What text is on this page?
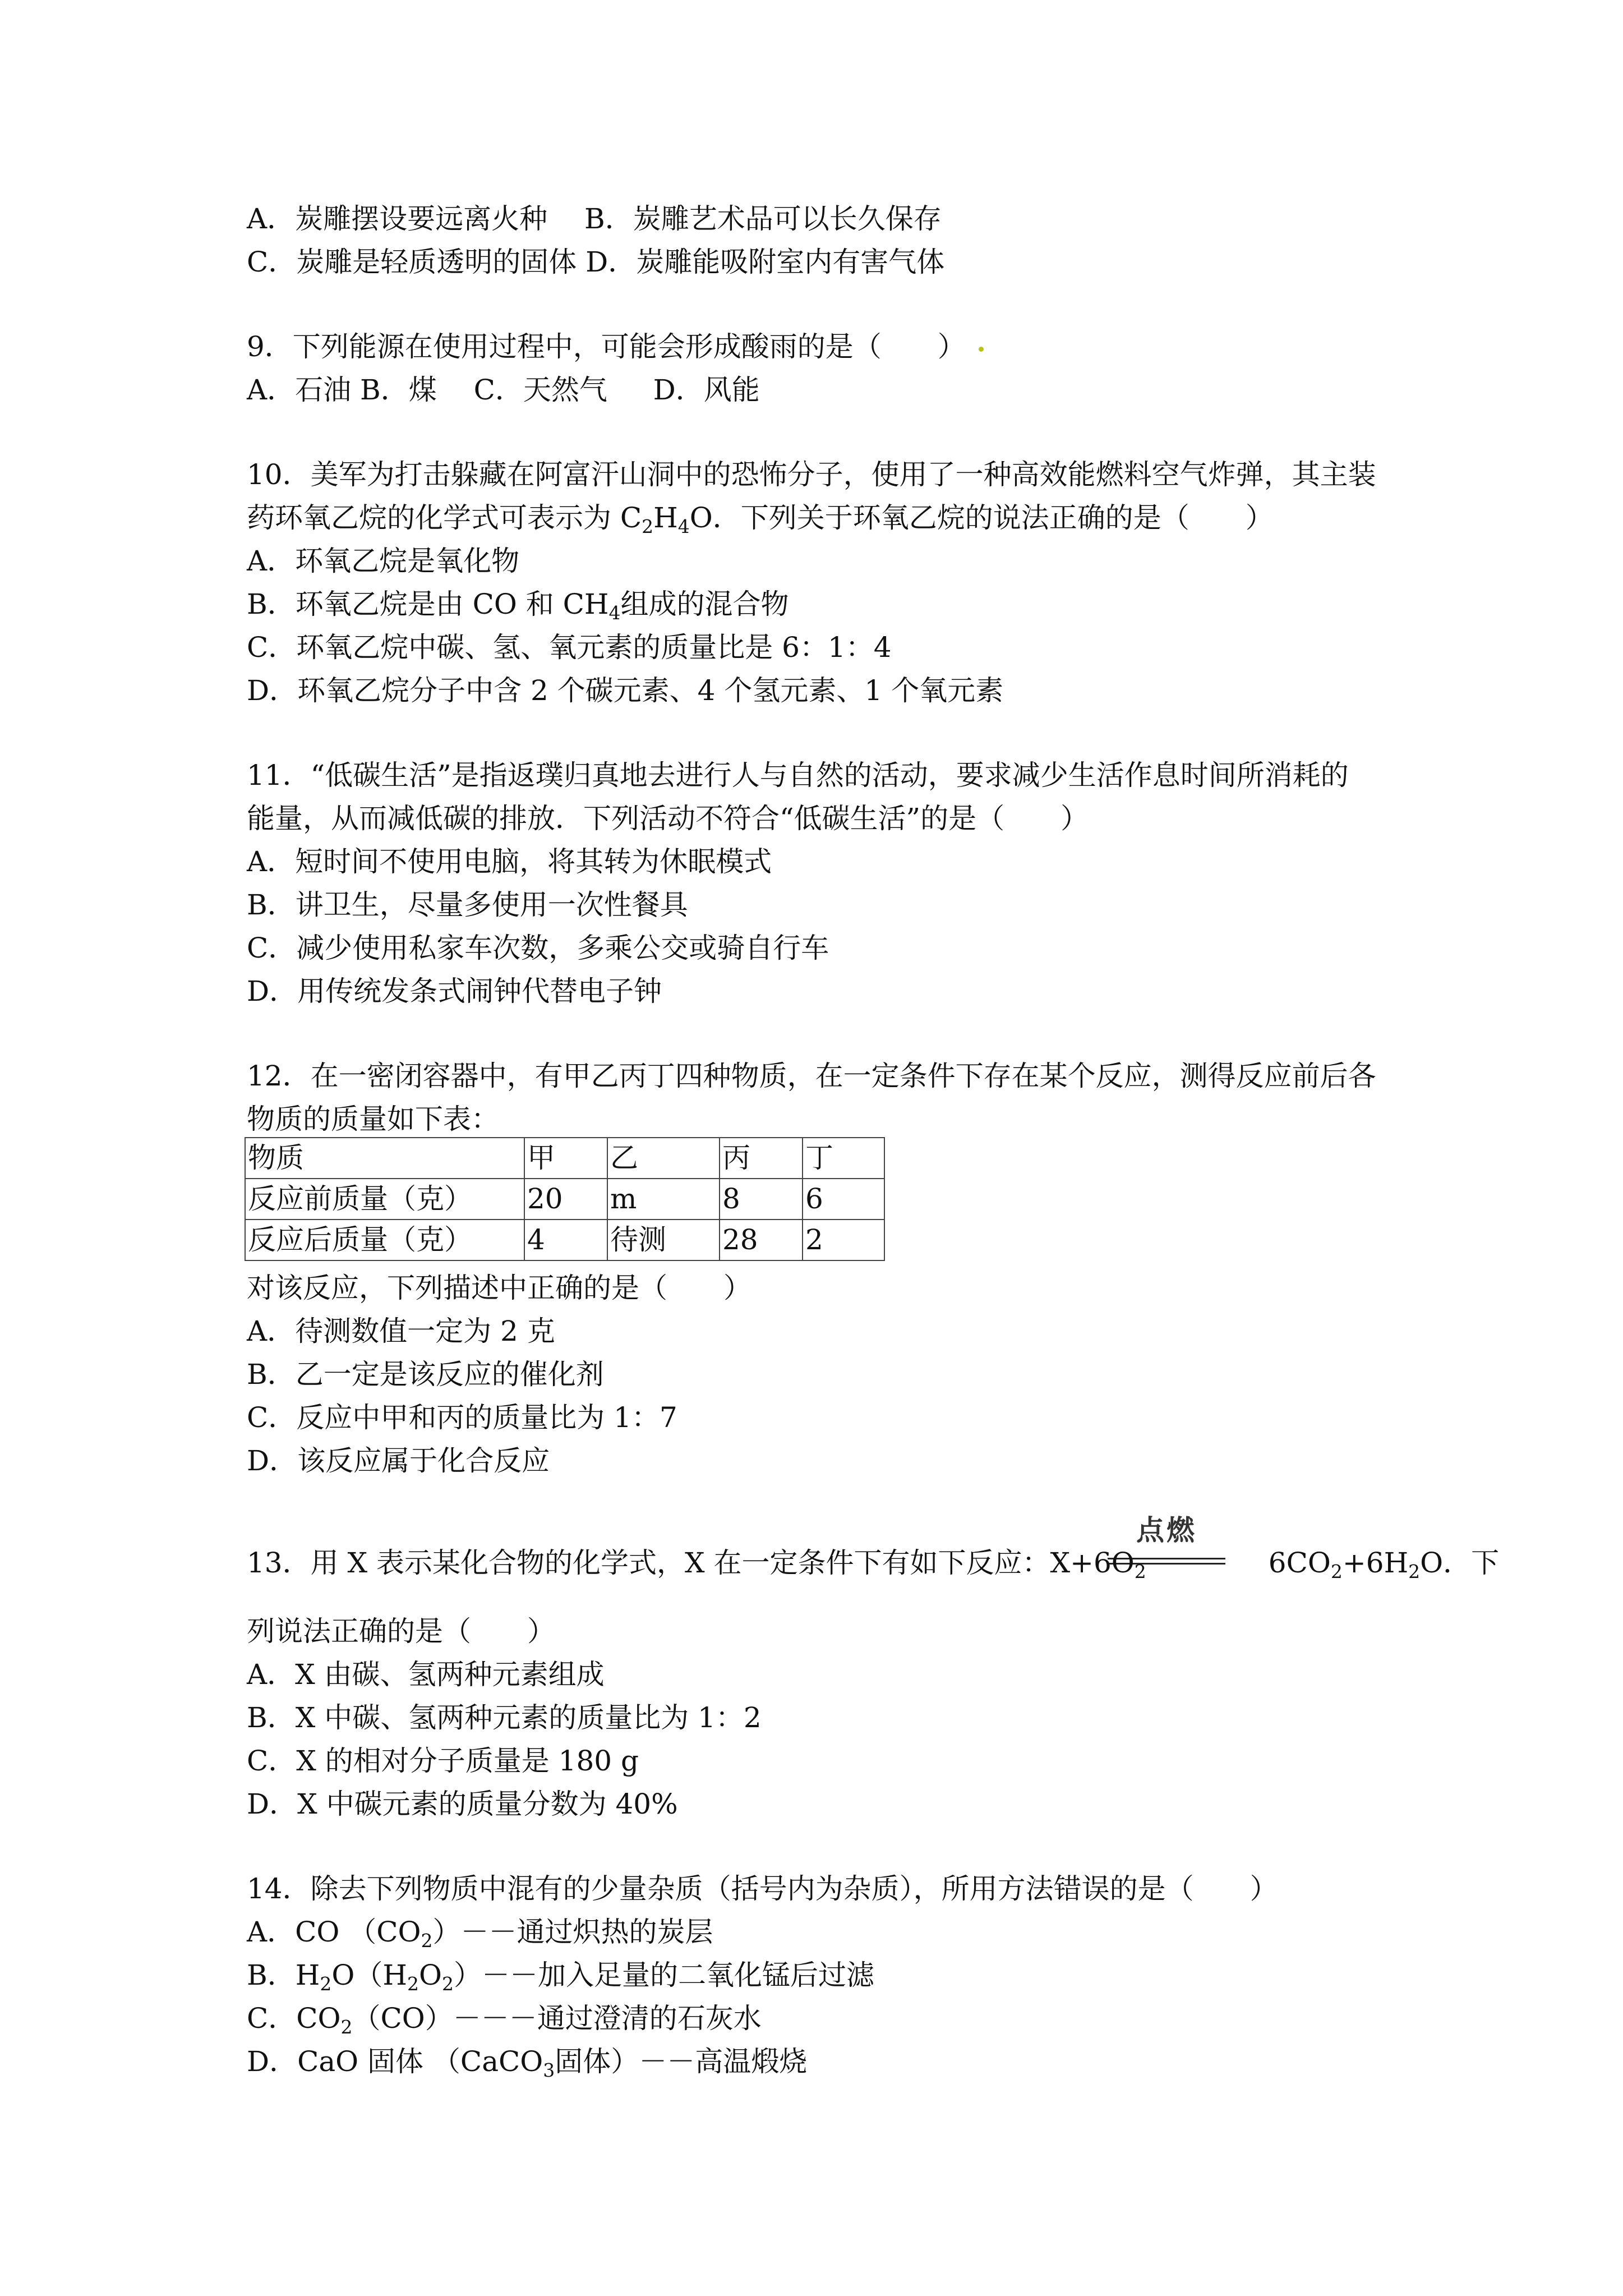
A．炭雕摆设要远离火种 　B．炭雕艺术品可以长久保存
C．炭雕是轻质透明的固体 D．炭雕能吸附室内有害气体
9．下列能源在使用过程中，可能会形成酸雨的是（　　）
A．石油 B．煤 　C．天然气 　 D．风能
10．美军为打击躲藏在阿富汗山洞中的恐怖分子，使用了一种高效能燃料空气炸弹，其主装
药环氧乙烷的化学式可表示为 $C_2H_4O$．下列关于环氧乙烷的说法正确的是（　　）
A．环氧乙烷是氧化物
B．环氧乙烷是由 CO 和 $CH_4$组成的混合物
C．环氧乙烷中碳、氢、氧元素的质量比是 6：1：4
D．环氧乙烷分子中含 2 个碳元素、4 个氢元素、1 个氧元素
11．“低碳生活”是指返璞归真地去进行人与自然的活动，要求减少生活作息时间所消耗的
能量，从而减低碳的排放．下列活动不符合“低碳生活”的是（　　）
A．短时间不使用电脑，将其转为休眠模式
B．讲卫生，尽量多使用一次性餐具
C．减少使用私家车次数，多乘公交或骑自行车
D．用传统发条式闹钟代替电子钟
12．在一密闭容器中，有甲乙丙丁四种物质，在一定条件下存在某个反应，测得反应前后各
物质的质量如下表：
物质	甲	乙	丙	丁
反应前质量（克）	20	m	8	6
反应后质量（克）	4	待测	28	2
对该反应，下列描述中正确的是（　　）
A．待测数值一定为 2 克
B．乙一定是该反应的催化剂
C．反应中甲和丙的质量比为 1：7
D．该反应属于化合反应
点燃
13．用 X 表示某化合物的化学式，X 在一定条件下有如下反应：$X+6O_2$	$6CO_2+6H_2O$．下
列说法正确的是（　　）
A．X 由碳、氢两种元素组成
B．X 中碳、氢两种元素的质量比为 1：2
C．X 的相对分子质量是 180 g
D．X 中碳元素的质量分数为 40%
14．除去下列物质中混有的少量杂质（括号内为杂质），所用方法错误的是（　　）
A．CO $(CO_2)--$通过炽热的炭层
B．$H_2O(H_2O_2)--$加入足量的二氧化锰后过滤
C．$CO_2(CO)---$通过澄清的石灰水
D．CaO 固体 （CaCO$_3$固体）－－高温煅烧
